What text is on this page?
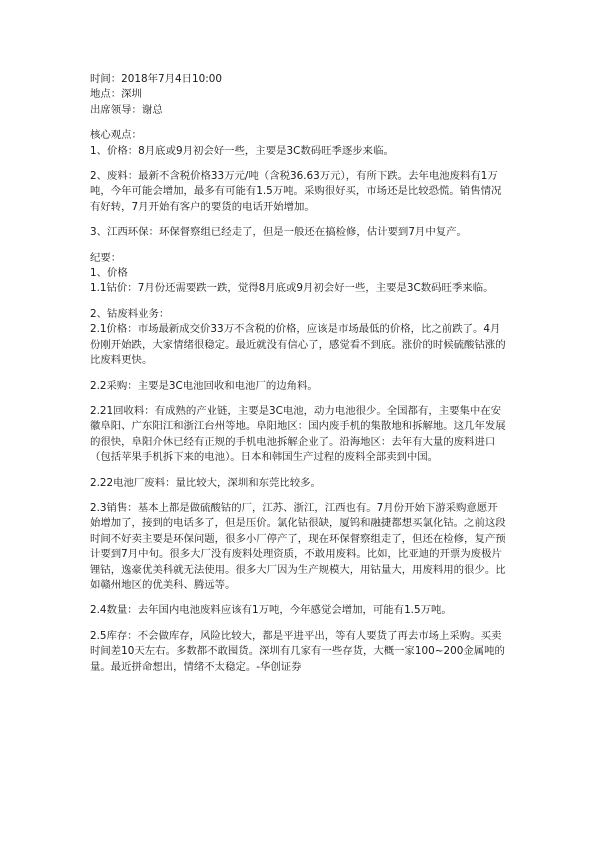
时间：2018年7月4日10:00
地点：深圳
出席领导：谢总
核心观点：

1、价格：8月底或9月初会好一些，主要是3C数码旺季逐步来临。

2、废料：最新不含税价格33万元/吨（含税36.63万元），有所下跌。去年电池废料有1万吨，今年可能会增加，最多有可能有1.5万吨。采购很好买，市场还是比较恐慌。销售情况有好转，7月开始有客户的要货的电话开始增加。

3、江西环保：环保督察组已经走了，但是一般还在搞检修，估计要到7月中复产。

纪要：
1、价格

1.1钴价：7月份还需要跌一跌，觉得8月底或9月初会好一些，主要是3C数码旺季来临。

2、钴废料业务：

2.1价格：市场最新成交价33万不含税的价格，应该是市场最低的价格，比之前跌了。4月份刚开始跌，大家情绪很稳定。最近就没有信心了，感觉看不到底。涨价的时候硫酸钴涨的比废料更快。

2.2采购：主要是3C电池回收和电池厂的边角料。

2.21回收料：有成熟的产业链，主要是3C电池，动力电池很少。全国都有，主要集中在安徽阜阳、广东阳江和浙江台州等地。阜阳地区：国内废手机的集散地和拆解地。这几年发展的很快，阜阳介休已经有正规的手机电池拆解企业了。沿海地区：去年有大量的废料进口（包括苹果手机拆下来的电池）。日本和韩国生产过程的废料全部卖到中国。

2.22电池厂废料：量比较大，深圳和东莞比较多。

2.3销售：基本上都是做硫酸钴的厂，江苏、浙江，江西也有。7月份开始下游采购意愿开始增加了，接到的电话多了，但是压价。氯化钴很缺，厦钨和融捷都想买氯化钴。之前这段时间不好卖主要是环保问题，很多小厂停产了，现在环保督察组走了，但还在检修，复产预计要到7月中旬。很多大厂没有废料处理资质，不敢用废料。比如，比亚迪的开票为废极片锂钴，逸豪优美科就无法使用。很多大厂因为生产规模大，用钴量大，用废料用的很少。比如赣州地区的优美科、腾远等。

2.4数量：去年国内电池废料应该有1万吨，今年感觉会增加，可能有1.5万吨。

2.5库存：不会做库存，风险比较大，都是平进平出，等有人要货了再去市场上采购。买卖时间差10天左右。多数都不敢囤货。深圳有几家有一些存货，大概一家100~200金属吨的量。最近拼命想出，情绪不太稳定。-华创证券
